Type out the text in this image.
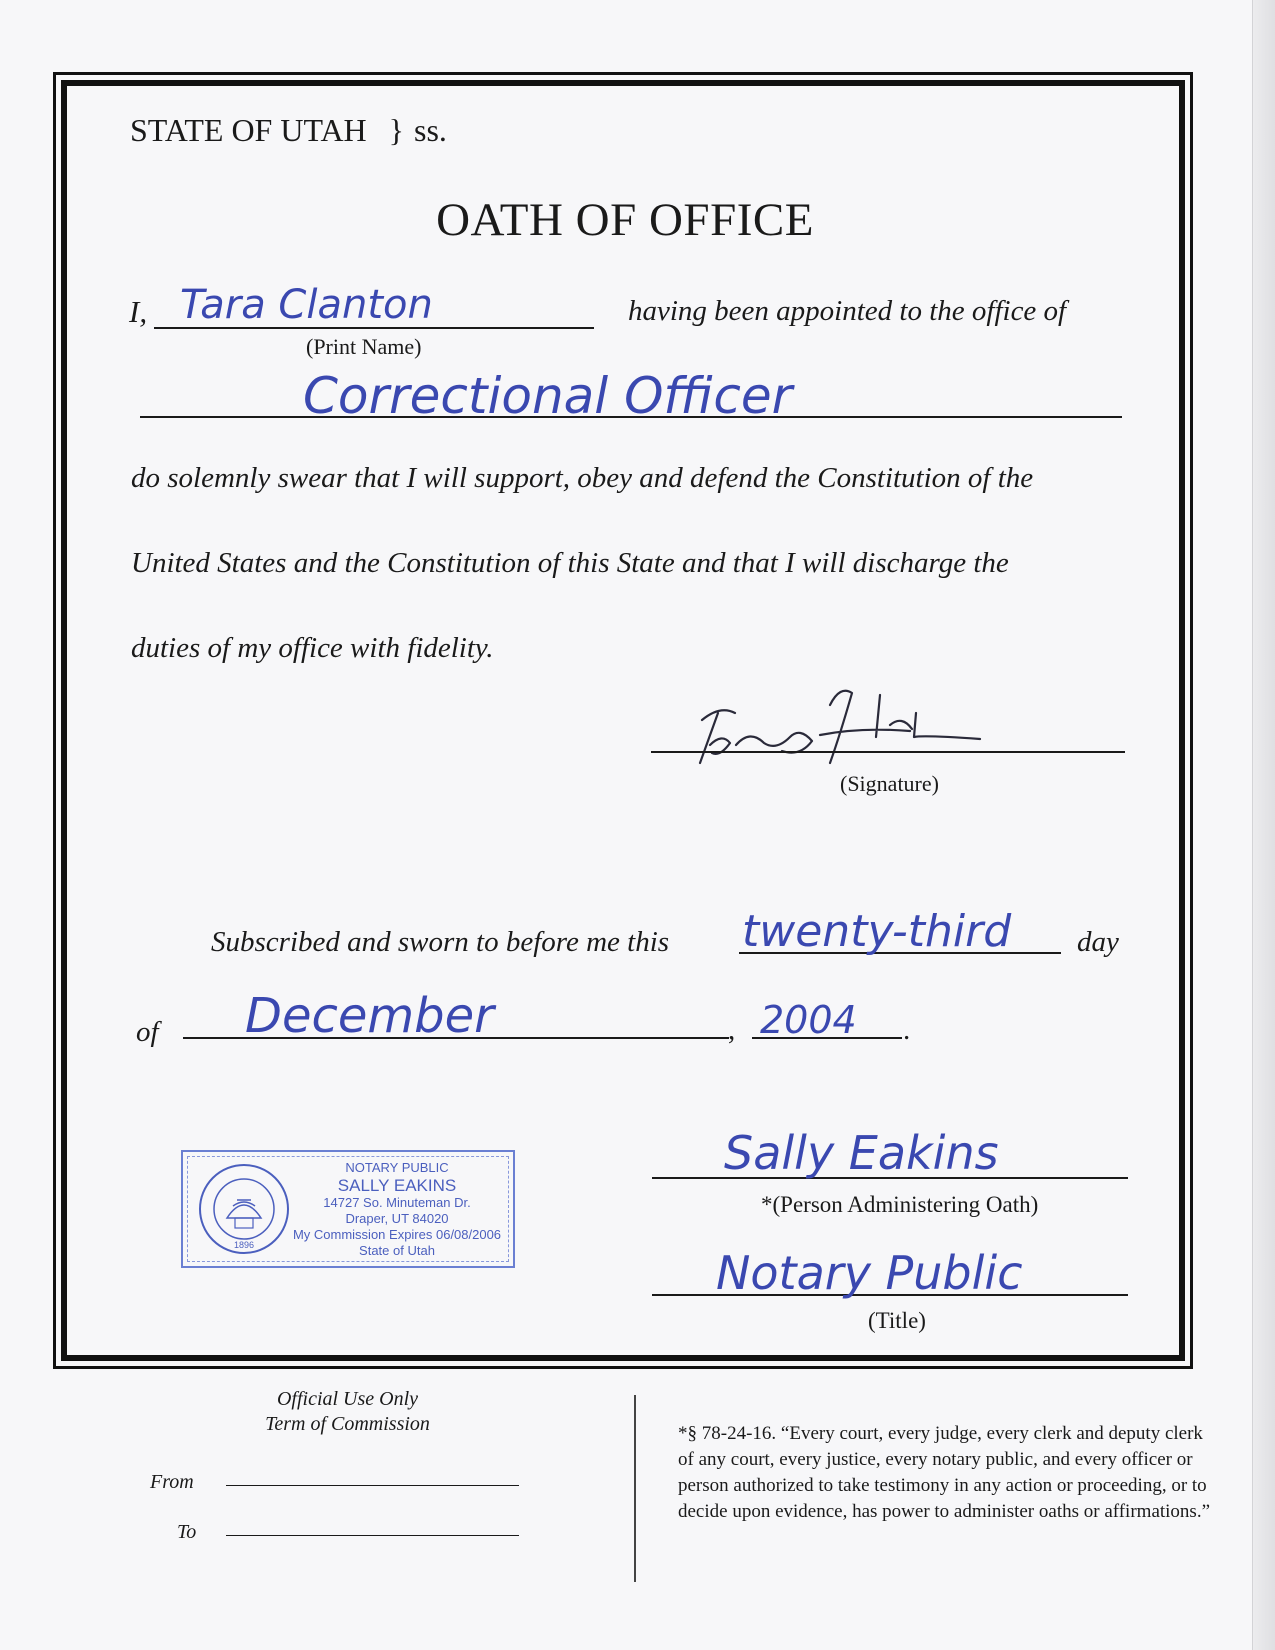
STATE OF UTAH } ss.
OATH OF OFFICE
I, Tara Clanton	having been appointed to the office of
(Print Name)
Correctional Officer
do solemnly swear that I will support, obey and defend the Constitution of the
United States and the Constitution of this State and that I will discharge the
duties of my office with fidelity.
(Signature)
Subscribed and sworn to before me this twenty-third day
of December	, 2004 .
1896
NOTARY PUBLIC
SALLY EAKINS
14727 So. Minuteman Dr.
Draper, UT 84020
My Commission Expires 06/08/2006
State of Utah
Sally Eakins
*(Person Administering Oath)
Notary Public
(Title)
Official Use Only
Term of Commission
From
To
*§ 78-24-16. “Every court, every judge, every clerk and deputy clerk of any court, every justice, every notary public, and every officer or person authorized to take testimony in any action or proceeding, or to decide upon evidence, has power to administer oaths or affirmations.”
